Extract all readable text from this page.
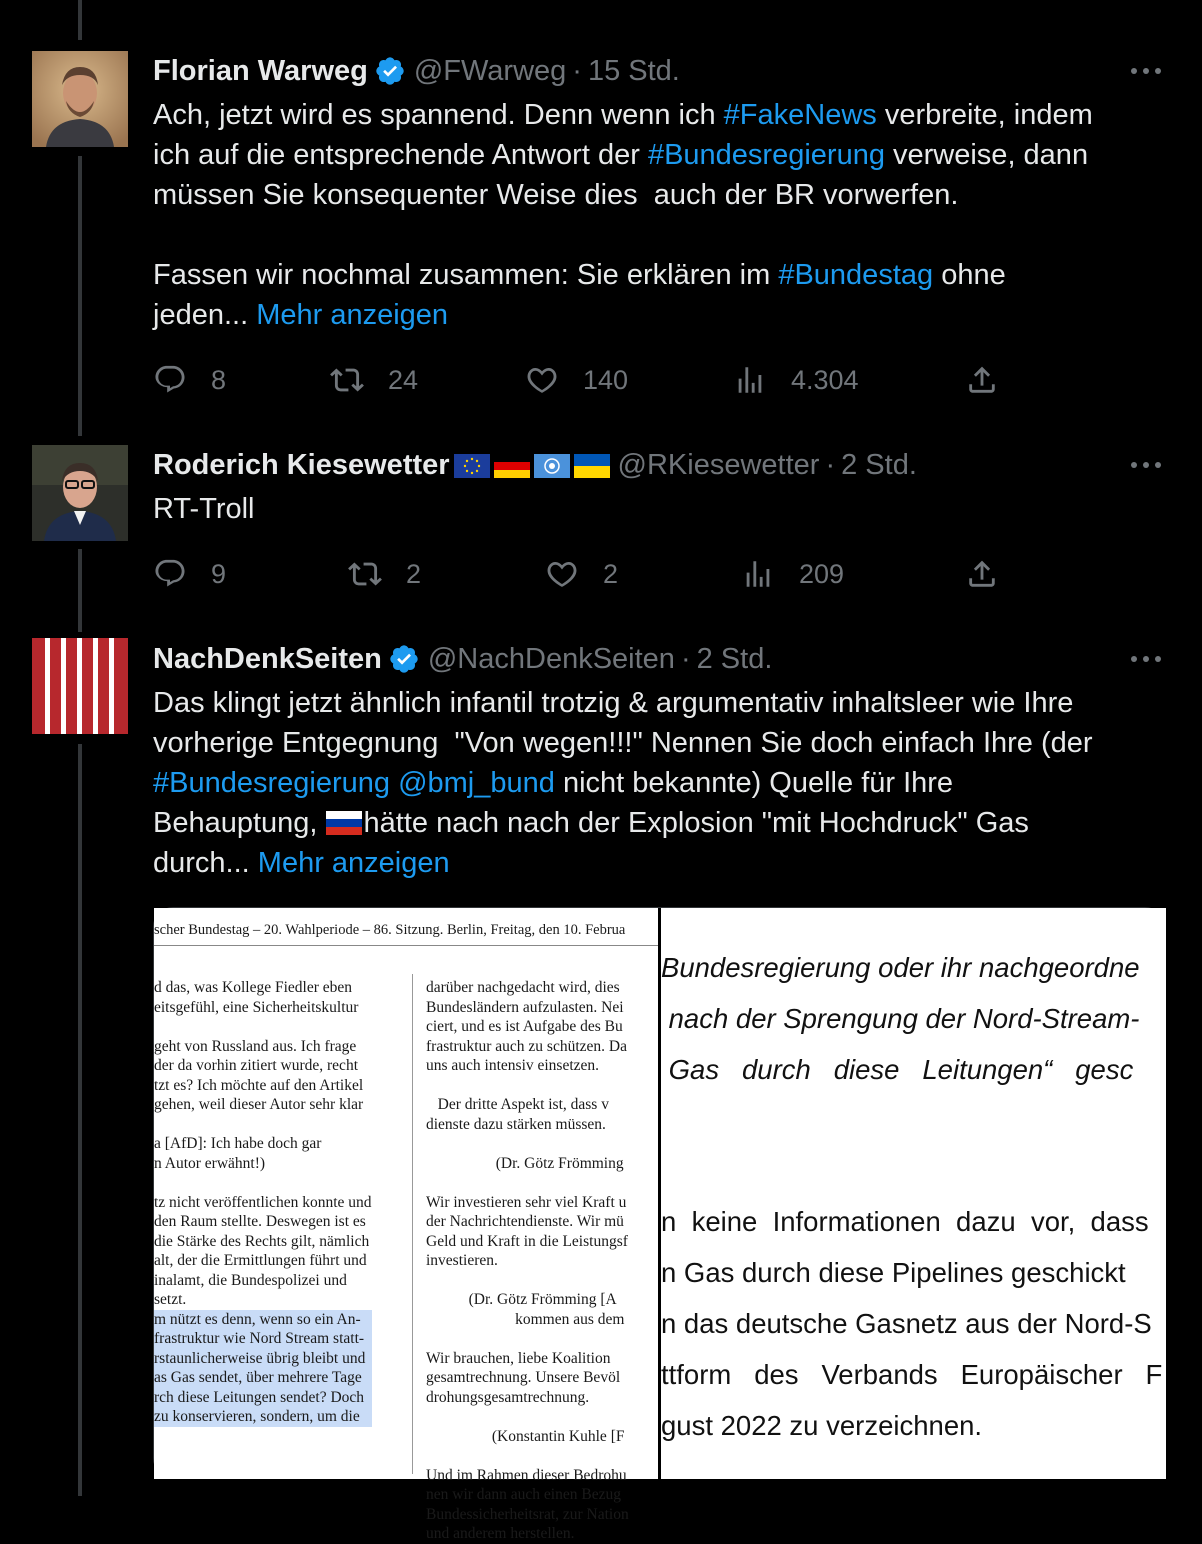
Florian Warweg @FWarweg · 15 Std.
Ach, jetzt wird es spannend. Denn wenn ich #FakeNews verbreite, indem
ich auf die entsprechende Antwort der #Bundesregierung verweise, dann
müssen Sie konsequenter Weise dies  auch der BR vorwerfen.
Fassen wir nochmal zusammen: Sie erklären im #Bundestag ohne
jeden... Mehr anzeigen
8	24	140	4.304
Roderich Kiesewetter	@RKiesewetter · 2 Std.
RT-Troll
9	2	2	209
NachDenkSeiten @NachDenkSeiten · 2 Std.
Das klingt jetzt ähnlich infantil trotzig & argumentativ inhaltsleer wie Ihre
vorherige Entgegnung  "Von wegen!!!" Nennen Sie doch einfach Ihre (der
#Bundesregierung @bmj_bund nicht bekannte) Quelle für Ihre
Behauptung, hätte nach nach der Explosion "mit Hochdruck" Gas
durch... Mehr anzeigen
scher Bundestag – 20. Wahlperiode – 86. Sitzung. Berlin, Freitag, den 10. Februa
d das, was Kollege Fiedler eben
eitsgefühl, eine Sicherheitskultur
geht von Russland aus. Ich frage
der da vorhin zitiert wurde, recht
tzt es? Ich möchte auf den Artikel
gehen, weil dieser Autor sehr klar
a [AfD]: Ich habe doch gar
n Autor erwähnt!)
tz nicht veröffentlichen konnte und
den Raum stellte. Deswegen ist es
die Stärke des Rechts gilt, nämlich
alt, der die Ermittlungen führt und
inalamt, die Bundespolizei und
setzt.
m nützt es denn, wenn so ein An-
frastruktur wie Nord Stream statt-
rstaunlicherweise übrig bleibt und
as Gas sendet, über mehrere Tage
rch diese Leitungen sendet? Doch
zu konservieren, sondern, um die
darüber nachgedacht wird, dies
Bundesländern aufzulasten. Nei
ciert, und es ist Aufgabe des Bu
frastruktur auch zu schützen. Da
uns auch intensiv einsetzen.
Der dritte Aspekt ist, dass v
dienste dazu stärken müssen.
(Dr. Götz Frömming
Wir investieren sehr viel Kraft u
der Nachrichtendienste. Wir mü
Geld und Kraft in die Leistungsf
investieren.
(Dr. Götz Frömming [A
kommen aus dem
Wir brauchen, liebe Koalition
gesamtrechnung. Unsere Bevöl
drohungsgesamtrechnung.
(Konstantin Kuhle [F
Und im Rahmen dieser Bedrohu
nen wir dann auch einen Bezug
Bundessicherheitsrat, zur Nation
und anderem herstellen.
Bundesregierung oder ihr nachgeordne
nach der Sprengung der Nord-Stream-
Gas   durch   diese   Leitungen“   gesc
n  keine  Informationen  dazu  vor,  dass
n Gas durch diese Pipelines geschickt
n das deutsche Gasnetz aus der Nord-S
ttform   des   Verbands   Europäischer   F
gust 2022 zu verzeichnen.
